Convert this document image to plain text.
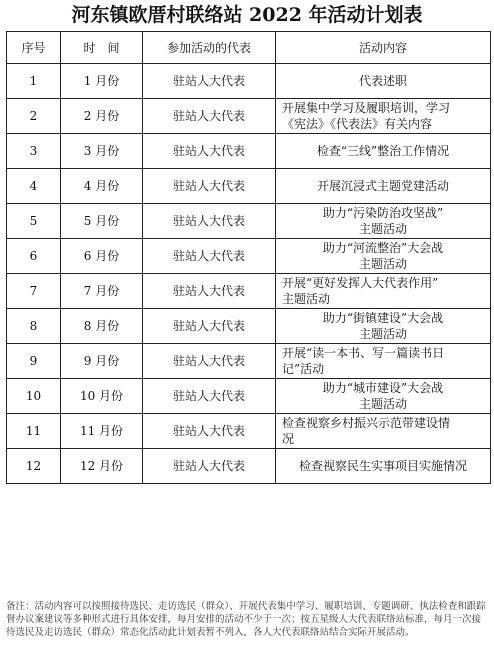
河东镇欧厝村联络站 2022 年活动计划表
序号	时　间	参加活动的代表	活动内容
1	1 月份	驻站人大代表	代表述职

2	2 月份	驻站人大代表	开展集中学习及履职培训，学习
《宪法》《代表法》有关内容

3	3 月份	驻站人大代表	检查“三线”整治工作情况

4	4 月份	驻站人大代表	开展沉浸式主题党建活动

5	5 月份	驻站人大代表	助力“污染防治攻坚战”
主题活动

6	6 月份	驻站人大代表	助力“河流整治”大会战
主题活动

7	7 月份	驻站人大代表	开展“更好发挥人大代表作用”
主题活动

8	8 月份	驻站人大代表	助力“街镇建设”大会战
主题活动

9	9 月份	驻站人大代表	开展“读一本书、写一篇读书日
记”活动

10	10 月份	驻站人大代表	助力“城市建设”大会战
主题活动

11	11 月份	驻站人大代表	检查视察乡村振兴示范带建设情
况

12	12 月份	驻站人大代表	检查视察民生实事项目实施情况
备注：活动内容可以按照接待选民、走访选民（群众）、开展代表集中学习、履职培训、专题调研、执法检查和跟踪督办议案建议等多种形式进行具体安排，每月安排的活动不少于一次；按五星级人大代表联络站标准，每月一次接待选民及走访选民（群众）常态化活动此计划表暂不列入，各人大代表联络站结合实际开展活动。
